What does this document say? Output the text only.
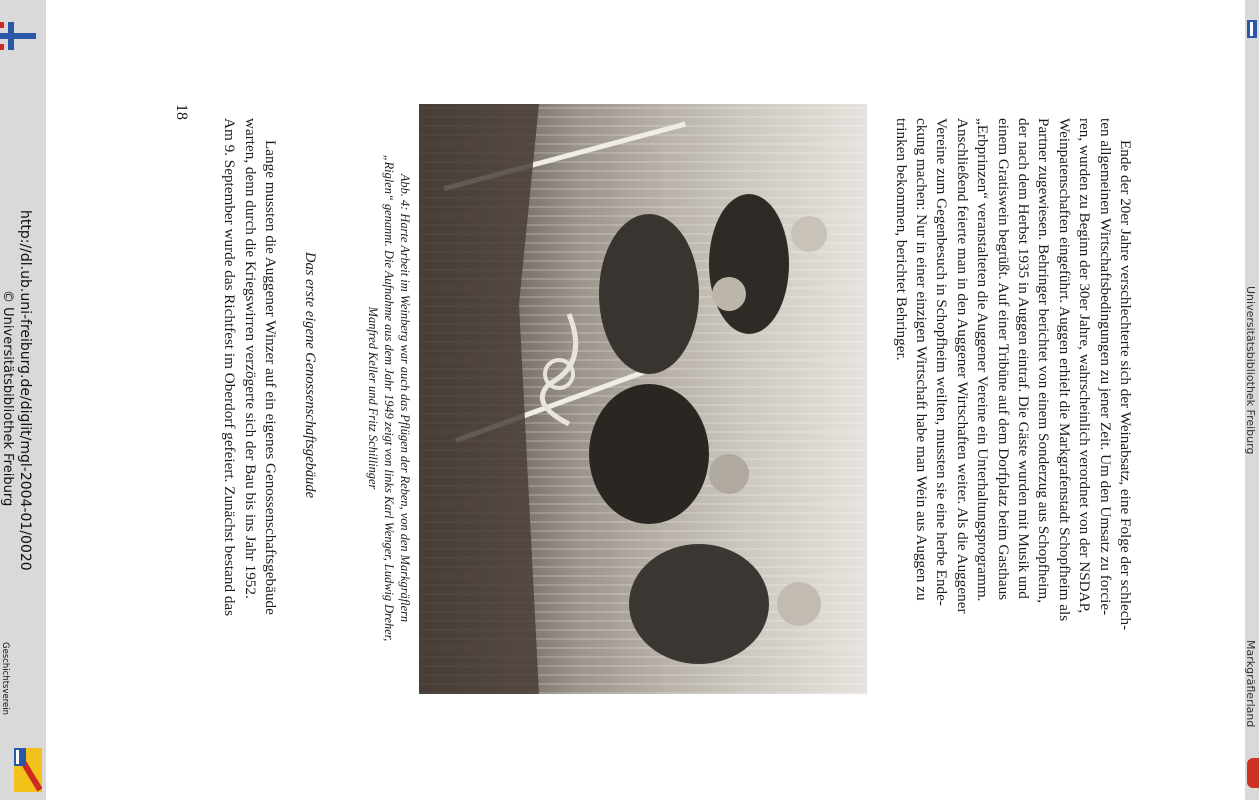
http://dl.ub.uni-freiburg.de/diglit/mgl-2004-01/0020
© Universitätsbibliothek Freiburg
Geschichtsverein
Universitätsbibliothek Freiburg
Markgräflerland
Ende der 20er Jahre verschlechterte sich der Weinabsatz, eine Folge der schlech-
ten allgemeinen Wirtschaftsbedingungen zu jener Zeit. Um den Umsatz zu forcie-
ren, wurden zu Beginn der 30er Jahre, wahrscheinlich verordnet von der NSDAP,
Weinpatenschaften eingeführt. Auggen erhielt die Markgrafenstadt Schopfheim als
Partner zugewiesen. Behringer berichtet von einem Sonderzug aus Schopfheim,
der nach dem Herbst 1935 in Auggen eintraf. Die Gäste wurden mit Musik und
einem Gratiswein begrüßt. Auf einer Tribüne auf dem Dorfplatz beim Gasthaus
„Erbprinzen“ veranstalteten die Auggener Vereine ein Unterhaltungsprogramm.
Anschließend feierte man in den Auggener Wirtschaften weiter. Als die Auggener
Vereine zum Gegenbesuch in Schopfheim weilten, mussten sie eine herbe Ende-
ckung machen: Nur in einer einzigen Wirtschaft habe man Wein aus Auggen zu
trinken bekommen, berichtet Behringer.
Abb. 4: Harte Arbeit im Weinberg war auch das Pflügen der Reben, von den Markgräflern
„Riglen“ genannt. Die Aufnahme aus dem Jahr 1949 zeigt von links Karl Wenger, Ludwig Dreher,
Manfred Keller und Fritz Schillinger
Das erste eigene Genossenschaftsgebäude
Lange mussten die Auggener Winzer auf ein eigenes Genossenschaftsgebäude
warten, denn durch die Kriegswirren verzögerte sich der Bau bis ins Jahr 1952.
Am 9. September wurde das Richtfest im Oberdorf gefeiert. Zunächst bestand das
18
